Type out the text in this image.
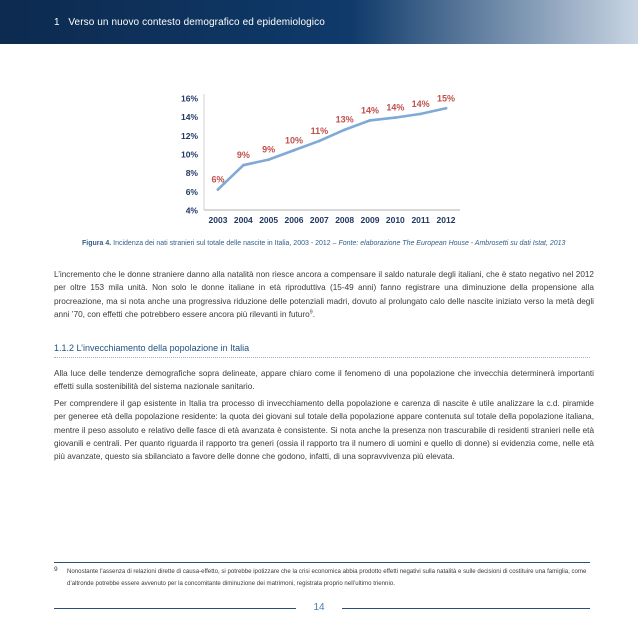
1 Verso un nuovo contesto demografico ed epidemiologico
4%
6%
8%
10%
12%
14%
16%
2003 2004 2005 2006 2007 2008 2009 2010 2011 2012
6%
9%
9%
10%
11%
13%
14% 14% 14%
15%
Figura 4. Incidenza dei nati stranieri sul totale delle nascite in Italia, 2003 - 2012 – Fonte: elaborazione The European House - Ambrosetti su dati Istat, 2013

L’incremento che le donne straniere danno alla natalità non riesce ancora a compensare il saldo naturale degli italiani, che è stato negativo nel 2012 per oltre 153 mila unità. Non solo le donne italiane in età riproduttiva (15-49 anni) fanno registrare una diminuzione della propensione alla procreazione, ma si nota anche una progressiva riduzione delle potenziali madri, dovuto al prolungato calo delle nascite iniziato verso la metà degli anni ’70, con effetti che potrebbero essere ancora più rilevanti in futuro$^9$.

1.1.2 L’invecchiamento della popolazione in Italia

Alla luce delle tendenze demografiche sopra delineate, appare chiaro come il fenomeno di una popolazione che invecchia determinerà importanti effetti sulla sostenibilità del sistema nazionale sanitario.

Per comprendere il gap esistente in Italia tra processo di invecchiamento della popolazione e carenza di nascite è utile analizzare la c.d. piramide per generee età della popolazione residente: la quota dei giovani sul totale della popolazione appare contenuta sul totale della popolazione italiana, mentre il peso assoluto e relativo delle fasce di età avanzata è consistente. Si nota anche la presenza non trascurabile di residenti stranieri nelle età giovanili e centrali. Per quanto riguarda il rapporto tra generi (ossia il rapporto tra il numero di uomini e quello di donne) si evidenzia come, nelle età più avanzate, questo sia sbilanciato a favore delle donne che godono, infatti, di una sopravvivenza più elevata.

9 Nonostante l’assenza di relazioni dirette di causa-effetto, si potrebbe ipotizzare che la crisi economica abbia prodotto effetti negativi sulla natalità e sulle decisioni di costituire una famiglia, come d’altronde potrebbe essere avvenuto per la concomitante diminuzione dei matrimoni, registrata proprio nell’ultimo triennio.

14
